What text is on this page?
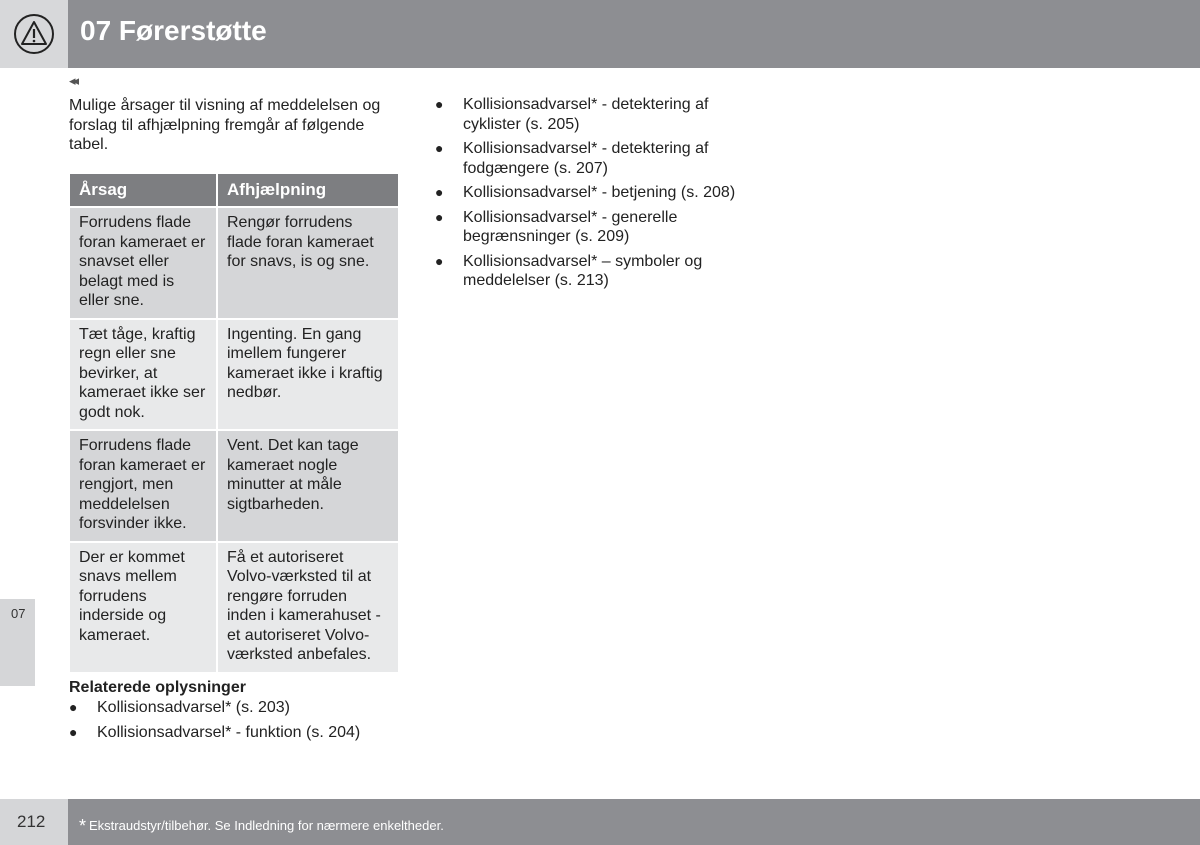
07 Førerstøtte
◂◂

Mulige årsager til visning af meddelelsen og forslag til afhjælpning fremgår af følgende tabel.

Årsag	Afhjælpning
Forrudens flade foran kameraet er snavset eller belagt med is eller sne.	Rengør forrudens flade foran kameraet for snavs, is og sne.
Tæt tåge, kraftig regn eller sne bevirker, at kameraet ikke ser godt nok.	Ingenting. En gang imellem fungerer kameraet ikke i kraftig nedbør.
Forrudens flade foran kameraet er rengjort, men meddelelsen forsvinder ikke.	Vent. Det kan tage kameraet nogle minutter at måle sigtbarheden.
Der er kommet snavs mellem forrudens inderside og kameraet.	Få et autoriseret Volvo-værksted til at rengøre forruden inden i kamerahuset - et autoriseret Volvo-værksted anbefales.

Relaterede oplysninger

● Kollisionsadvarsel* (s. 203)
● Kollisionsadvarsel* - funktion (s. 204)
● Kollisionsadvarsel* - detektering af cyklister (s. 205)
● Kollisionsadvarsel* - detektering af fodgængere (s. 207)
● Kollisionsadvarsel* - betjening (s. 208)
● Kollisionsadvarsel* - generelle begrænsninger (s. 209)
● Kollisionsadvarsel* – symboler og meddelelser (s. 213)
07
212 * Ekstraudstyr/tilbehør. Se Indledning for nærmere enkeltheder.
